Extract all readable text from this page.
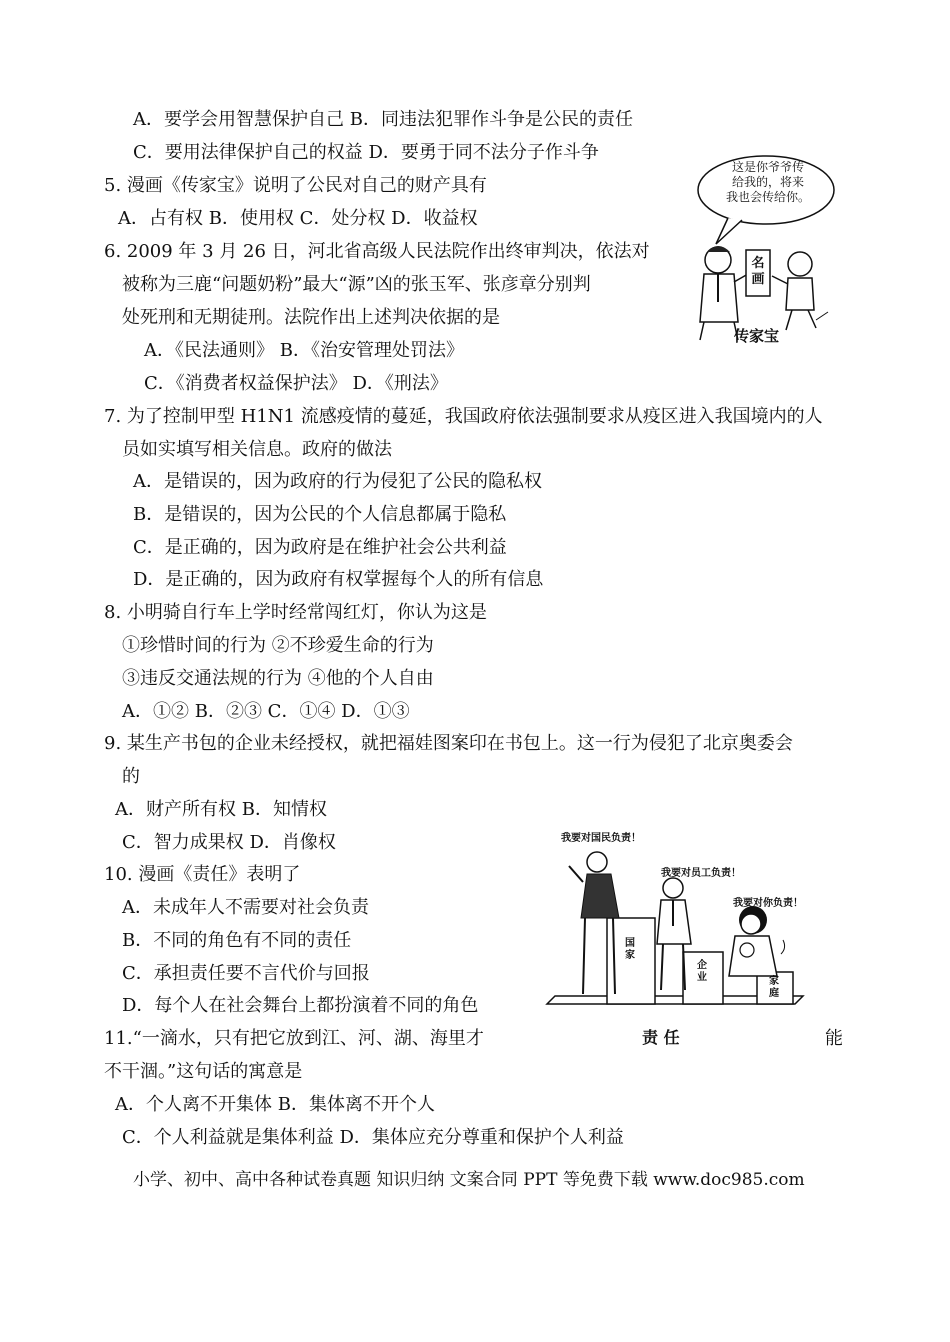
A．要学会用智慧保护自己 B．同违法犯罪作斗争是公民的责任
C．要用法律保护自己的权益 D．要勇于同不法分子作斗争
5. 漫画《传家宝》说明了公民对自己的财产具有
A．占有权 B．使用权 C．处分权 D．收益权
这是你爷爷传
给我的，将来
我也会传给你。
名
画
传家宝
6. 2009 年 3 月 26 日，河北省高级人民法院作出终审判决，依法对
被称为三鹿“问题奶粉”最大“源”凶的张玉军、张彦章分别判
处死刑和无期徒刑。法院作出上述判决依据的是
A．《民法通则》 B．《治安管理处罚法》
C．《消费者权益保护法》 D．《刑法》
7. 为了控制甲型 H1N1 流感疫情的蔓延，我国政府依法强制要求从疫区进入我国境内的人
员如实填写相关信息。政府的做法
A．是错误的，因为政府的行为侵犯了公民的隐私权
B．是错误的，因为公民的个人信息都属于隐私
C．是正确的，因为政府是在维护社会公共利益
D．是正确的，因为政府有权掌握每个人的所有信息
8. 小明骑自行车上学时经常闯红灯，你认为这是
①珍惜时间的行为 ②不珍爱生命的行为
③违反交通法规的行为 ④他的个人自由
A．①② B．②③ C．①④ D．①③
9. 某生产书包的企业未经授权，就把福娃图案印在书包上。这一行为侵犯了北京奥委会
的
A．财产所有权 B．知情权
C．智力成果权 D．肖像权	我要对国民负责！
我要对员工负责！
我要对你负责！
国家
企业	家庭
责 任
10. 漫画《责任》表明了
A．未成年人不需要对社会负责
B．不同的角色有不同的责任
C．承担责任要不言代价与回报
D．每个人在社会舞台上都扮演着不同的角色
11.“一滴水，只有把它放到江、河、湖、海里才	能
不干涸。”这句话的寓意是
A．个人离不开集体 B．集体离不开个人
C．个人利益就是集体利益 D．集体应充分尊重和保护个人利益
小学、初中、高中各种试卷真题 知识归纳 文案合同 PPT 等免费下载 www.doc985.com
